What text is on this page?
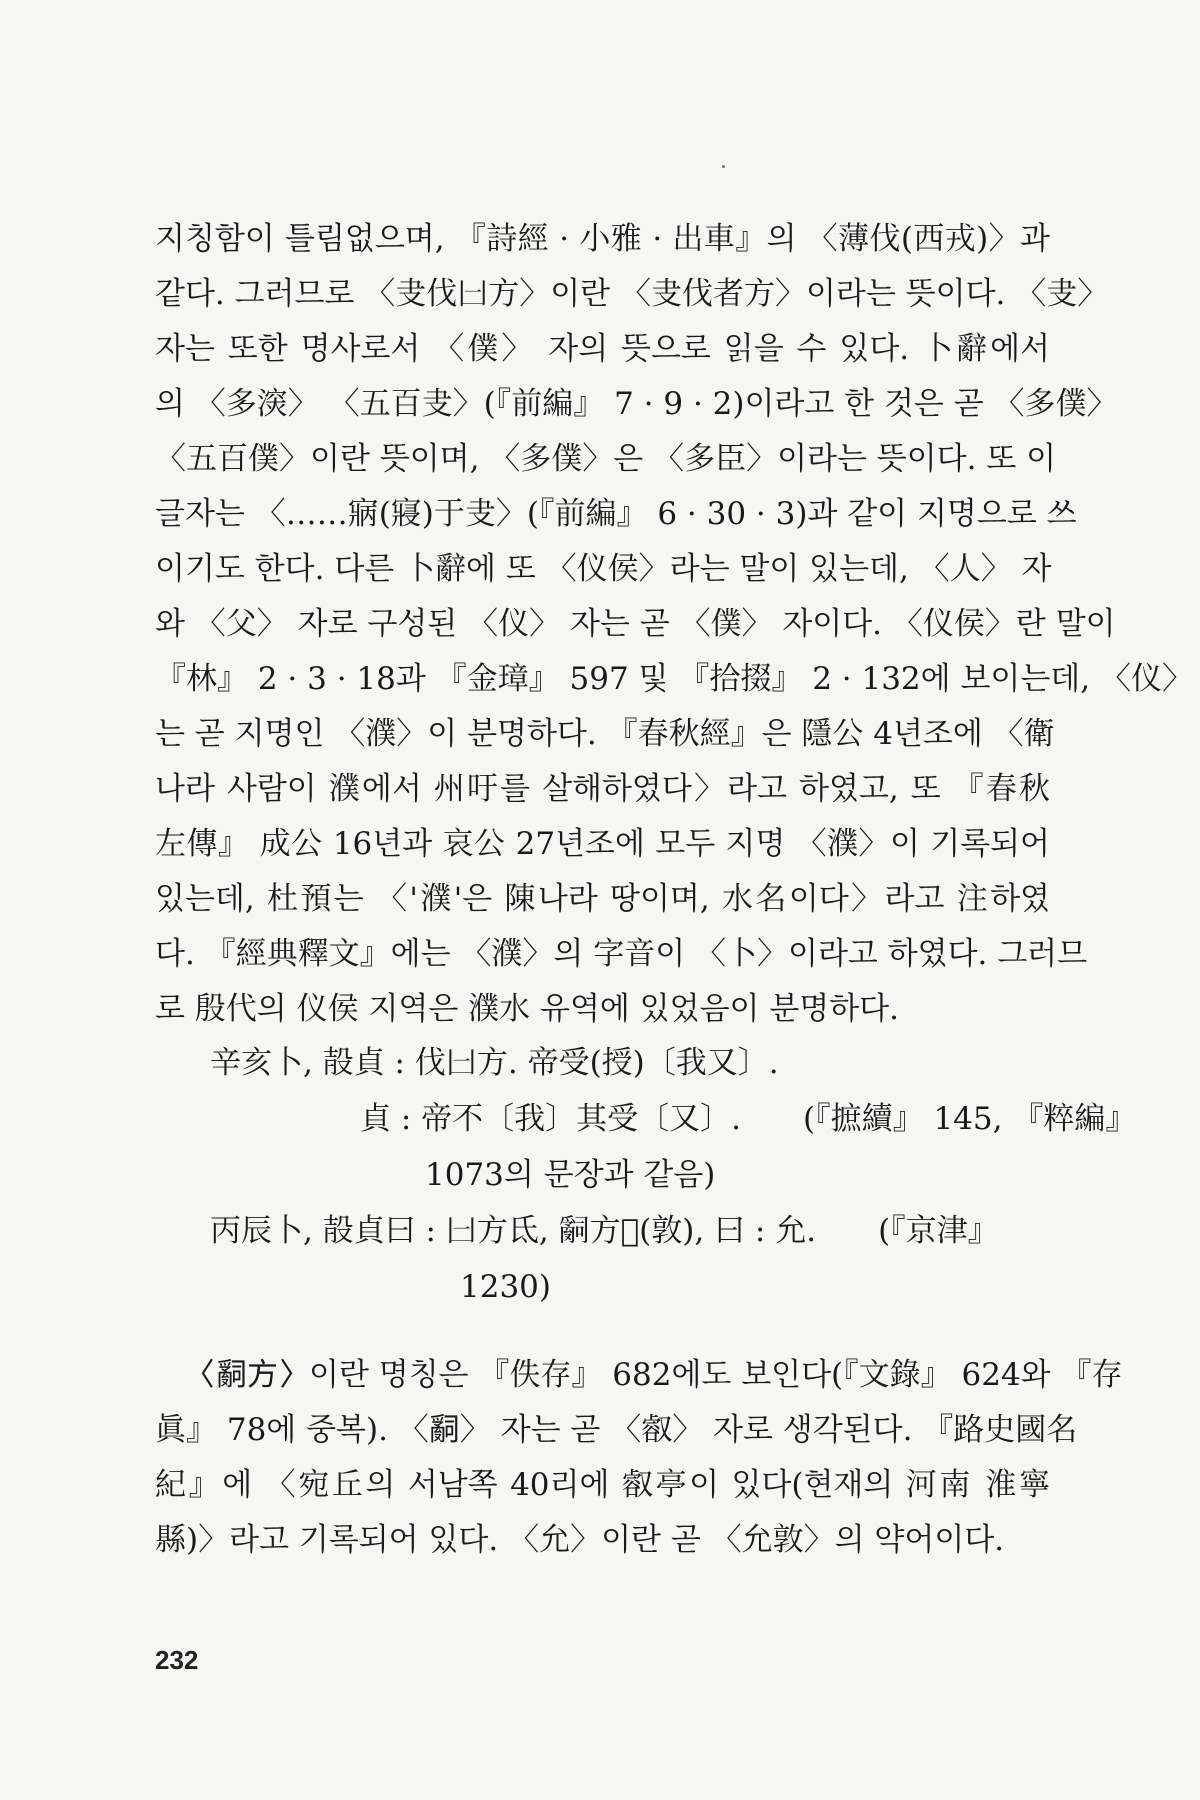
지칭함이 틀림없으며, 『詩經 · 小雅 · 出車』의 〈薄伐(西戎)〉과
같다. 그러므로 〈叏伐𠙵方〉이란 〈叏伐者方〉이라는 뜻이다. 〈叏〉
자는 또한 명사로서 〈僕〉 자의 뜻으로 읽을 수 있다. 卜辭에서
의 〈多㴱〉 〈五百叏〉(『前編』 7 · 9 · 2)이라고 한 것은 곧 〈多僕〉
〈五百僕〉이란 뜻이며, 〈多僕〉은 〈多臣〉이라는 뜻이다. 또 이
글자는 〈……寎(寢)于叏〉(『前編』 6 · 30 · 3)과 같이 지명으로 쓰
이기도 한다. 다른 卜辭에 또 〈仪侯〉라는 말이 있는데, 〈人〉 자
와 〈父〉 자로 구성된 〈仪〉 자는 곧 〈僕〉 자이다. 〈仪侯〉란 말이
『林』 2 · 3 · 18과 『金璋』 597 및 『拾掇』 2 · 132에 보이는데, 〈仪〉
는 곧 지명인 〈濮〉이 분명하다. 『春秋經』은 隱公 4년조에 〈衛
나라 사람이 濮에서 州吁를 살해하였다〉라고 하였고, 또 『春秋
左傳』 成公 16년과 哀公 27년조에 모두 지명 〈濮〉이 기록되어
있는데, 杜預는 〈'濮'은 陳나라 땅이며, 水名이다〉라고 注하였
다. 『經典釋文』에는 〈濮〉의 字音이 〈卜〉이라고 하였다. 그러므
로 殷代의 仪侯 지역은 濮水 유역에 있었음이 분명하다.
辛亥卜, 㱿貞 : 伐𠙵方. 帝受(授)〔我又〕.
貞 : 帝不〔我〕其受〔又〕.　　(『摭續』 145, 『粹編』
1073의 문장과 같음)
丙辰卜, 㱿貞曰 : 𠙵方氐, 𤔲方𦎫(敦), 曰 : 允.　　(『京津』
1230)
〈𤔲方〉이란 명칭은 『佚存』 682에도 보인다(『文錄』 624와 『存
眞』 78에 중복). 〈𤔲〉 자는 곧 〈㕡〉 자로 생각된다. 『路史國名
紀』에 〈宛丘의 서남쪽 40리에 㕡亭이 있다(현재의 河南 淮寧
縣)〉라고 기록되어 있다. 〈允〉이란 곧 〈允敦〉의 약어이다.
232
